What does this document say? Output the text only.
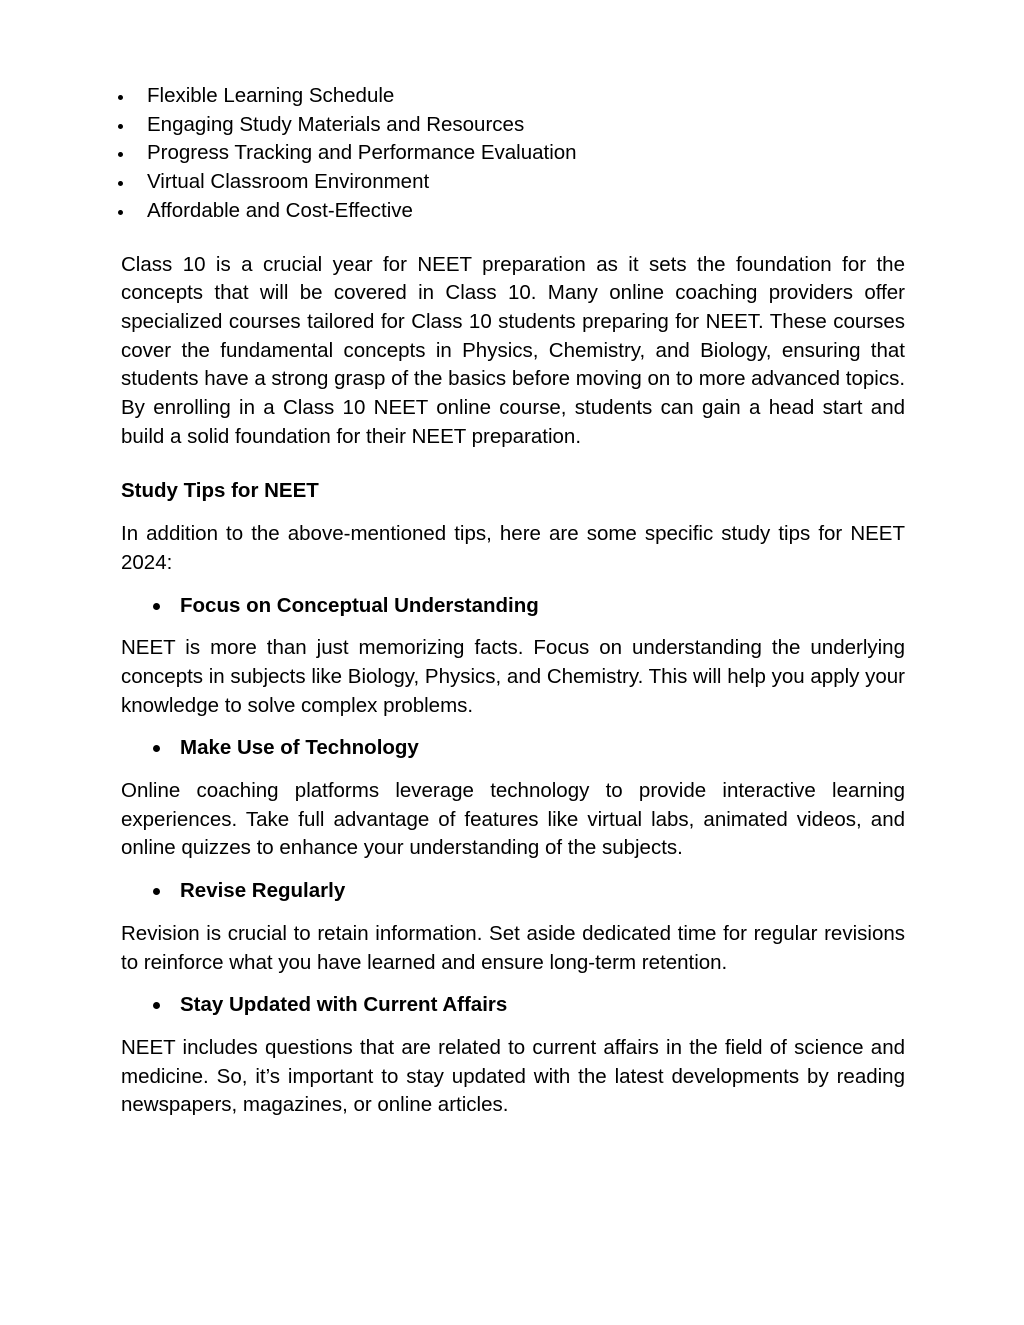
Flexible Learning Schedule
Engaging Study Materials and Resources
Progress Tracking and Performance Evaluation
Virtual Classroom Environment
Affordable and Cost-Effective

Class 10 is a crucial year for NEET preparation as it sets the foundation for the concepts that will be covered in Class 10. Many online coaching providers offer specialized courses tailored for Class 10 students preparing for NEET. These courses cover the fundamental concepts in Physics, Chemistry, and Biology, ensuring that students have a strong grasp of the basics before moving on to more advanced topics. By enrolling in a Class 10 NEET online course, students can gain a head start and build a solid foundation for their NEET preparation.

Study Tips for NEET

In addition to the above-mentioned tips, here are some specific study tips for NEET 2024:

Focus on Conceptual Understanding

NEET is more than just memorizing facts. Focus on understanding the underlying concepts in subjects like Biology, Physics, and Chemistry. This will help you apply your knowledge to solve complex problems.

Make Use of Technology

Online coaching platforms leverage technology to provide interactive learning experiences. Take full advantage of features like virtual labs, animated videos, and online quizzes to enhance your understanding of the subjects.

Revise Regularly

Revision is crucial to retain information. Set aside dedicated time for regular revisions to reinforce what you have learned and ensure long-term retention.

Stay Updated with Current Affairs

NEET includes questions that are related to current affairs in the field of science and medicine. So, it’s important to stay updated with the latest developments by reading newspapers, magazines, or online articles.
